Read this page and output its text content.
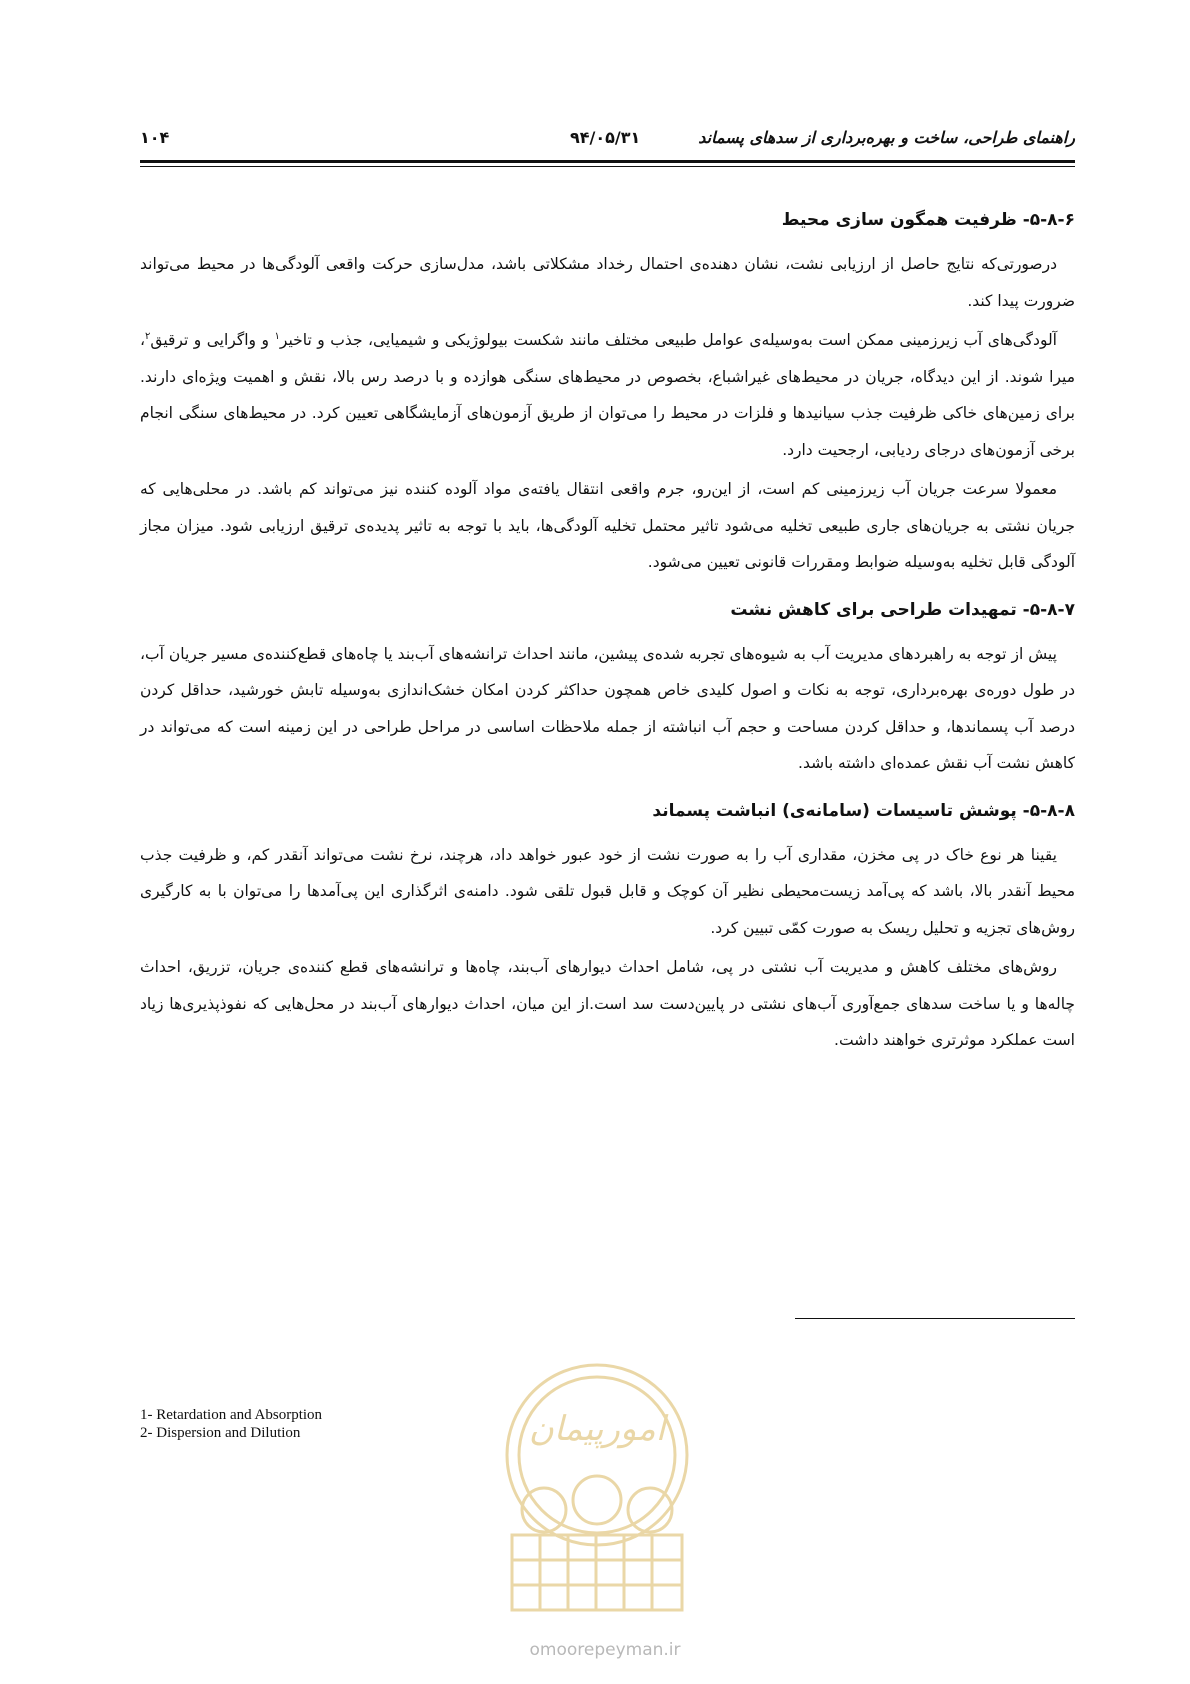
راهنمای طراحی، ساخت و بهره‌برداری از سدهای پسماند
۹۴/۰۵/۳۱
۱۰۴
۵-۸-۶- ظرفیت همگون سازی محیط
درصورتی‌که نتایج حاصل از ارزیابی نشت، نشان دهنده‌ی احتمال رخداد مشکلاتی باشد، مدل‌سازی حرکت واقعی آلودگی‌ها در محیط می‌تواند ضرورت پیدا کند.
آلودگی‌های آب زیرزمینی ممکن است به‌وسیله‌ی عوامل طبیعی مختلف مانند شکست بیولوژیکی و شیمیایی، جذب و تاخیر$^۱$ و واگرایی و ترقیق$^۲$، میرا شوند. از این دیدگاه، جریان در محیط‌های غیراشباع، بخصوص در محیط‌های سنگی هوازده و با درصد رس بالا، نقش و اهمیت ویژه‌ای دارند. برای زمین‌های خاکی ظرفیت جذب سیانیدها و فلزات در محیط را می‌توان از طریق آزمون‌های آزمایشگاهی تعیین کرد. در محیط‌های سنگی انجام برخی آزمون‌های درجای ردیابی، ارجحیت دارد.
معمولا سرعت جریان آب زیرزمینی کم است، از این‌رو، جرم واقعی انتقال یافته‌ی مواد آلوده کننده نیز می‌تواند کم باشد. در محلی‌هایی که جریان نشتی به جریان‌های جاری طبیعی تخلیه می‌شود تاثیر محتمل تخلیه آلودگی‌ها، باید با توجه به تاثیر پدیده‌ی ترقیق ارزیابی شود. میزان مجاز آلودگی قابل تخلیه به‌وسیله ضوابط ومقررات قانونی تعیین می‌شود.
۵-۸-۷- تمهیدات طراحی برای کاهش نشت
پیش از توجه به راهبردهای مدیریت آب به شیوه‌های تجربه شده‌ی پیشین، مانند احداث ترانشه‌های آب‌بند یا چاه‌های قطع‌کننده‌ی مسیر جریان آب، در طول دوره‌ی بهره‌برداری، توجه به نکات و اصول کلیدی خاص همچون حداکثر کردن امکان خشک‌اندازی به‌وسیله تابش خورشید، حداقل کردن درصد آب پسماندها، و حداقل کردن مساحت و حجم آب انباشته از جمله ملاحظات اساسی در مراحل طراحی در این زمینه است که می‌تواند در کاهش نشت آب نقش عمده‌ای داشته باشد.
۵-۸-۸- پوشش تاسیسات (سامانه‌ی) انباشت پسماند
یقینا هر نوع خاک در پی مخزن، مقداری آب را به صورت نشت از خود عبور خواهد داد، هرچند، نرخ نشت می‌تواند آنقدر کم، و ظرفیت جذب محیط آنقدر بالا، باشد که پی‌آمد زیست‌محیطی نظیر آن کوچک و قابل قبول تلقی شود. دامنه‌ی اثرگذاری این پی‌آمدها را می‌توان با به کارگیری روش‌های تجزیه و تحلیل ریسک به صورت کمّی تبیین کرد.
روش‌های مختلف کاهش و مدیریت آب نشتی در پی، شامل احداث دیوارهای آب‌بند، چاه‌ها و ترانشه‌های قطع کننده‌ی جریان، تزریق، احداث چاله‌ها و یا ساخت سدهای جمع‌آوری آب‌های نشتی در پایین‌دست سد است.از این میان، احداث دیوارهای آب‌بند در محل‌هایی که نفوذپذیری‌ها زیاد است عملکرد موثرتری خواهند داشت.
1- Retardation and Absorption
2- Dispersion and Dilution	امورپیمان
omoorepeyman.ir
